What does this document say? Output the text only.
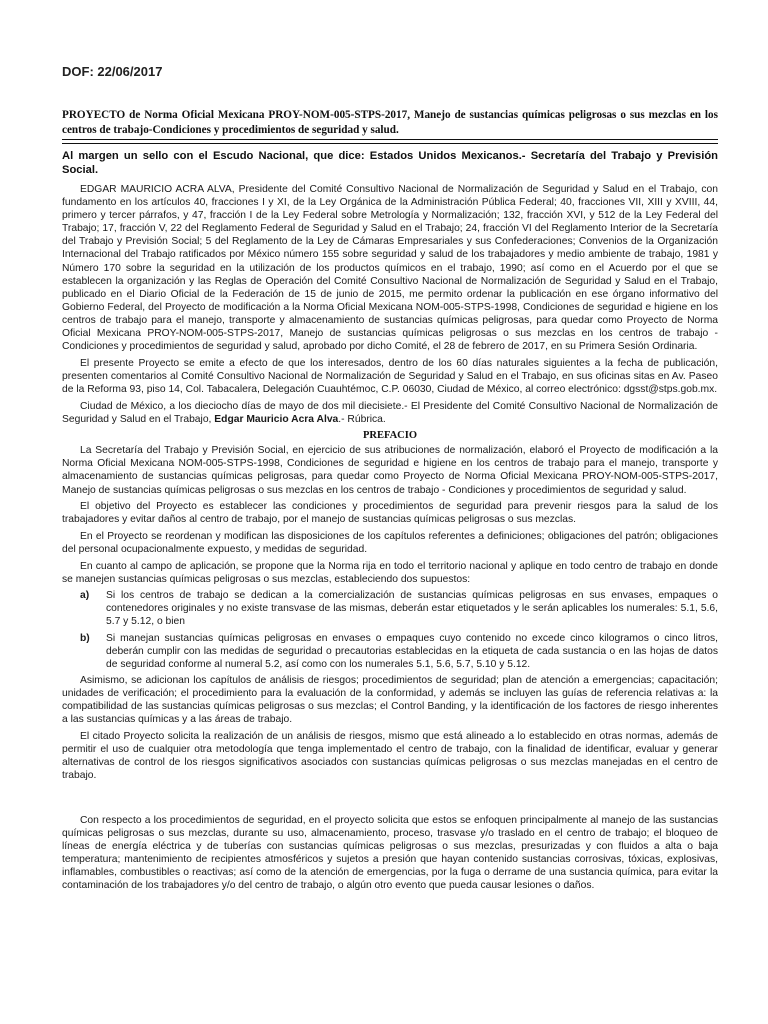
DOF: 22/06/2017
PROYECTO de Norma Oficial Mexicana PROY-NOM-005-STPS-2017, Manejo de sustancias químicas peligrosas o sus mezclas en los centros de trabajo-Condiciones y procedimientos de seguridad y salud.
Al margen un sello con el Escudo Nacional, que dice: Estados Unidos Mexicanos.- Secretaría del Trabajo y Previsión Social.

EDGAR MAURICIO ACRA ALVA, Presidente del Comité Consultivo Nacional de Normalización de Seguridad y Salud en el Trabajo, con fundamento en los artículos 40, fracciones I y XI, de la Ley Orgánica de la Administración Pública Federal; 40, fracciones VII, XIII y XVIII, 44, primero y tercer párrafos, y 47, fracción I de la Ley Federal sobre Metrología y Normalización; 132, fracción XVI, y 512 de la Ley Federal del Trabajo; 17, fracción V, 22 del Reglamento Federal de Seguridad y Salud en el Trabajo; 24, fracción VI del Reglamento Interior de la Secretaría del Trabajo y Previsión Social; 5 del Reglamento de la Ley de Cámaras Empresariales y sus Confederaciones; Convenios de la Organización Internacional del Trabajo ratificados por México número 155 sobre seguridad y salud de los trabajadores y medio ambiente de trabajo, 1981 y Número 170 sobre la seguridad en la utilización de los productos químicos en el trabajo, 1990; así como en el Acuerdo por el que se establecen la organización y las Reglas de Operación del Comité Consultivo Nacional de Normalización de Seguridad y Salud en el Trabajo, publicado en el Diario Oficial de la Federación de 15 de junio de 2015, me permito ordenar la publicación en ese órgano informativo del Gobierno Federal, del Proyecto de modificación a la Norma Oficial Mexicana NOM-005-STPS-1998, Condiciones de seguridad e higiene en los centros de trabajo para el manejo, transporte y almacenamiento de sustancias químicas peligrosas, para quedar como Proyecto de Norma Oficial Mexicana PROY-NOM-005-STPS-2017, Manejo de sustancias químicas peligrosas o sus mezclas en los centros de trabajo - Condiciones y procedimientos de seguridad y salud, aprobado por dicho Comité, el 28 de febrero de 2017, en su Primera Sesión Ordinaria.

El presente Proyecto se emite a efecto de que los interesados, dentro de los 60 días naturales siguientes a la fecha de publicación, presenten comentarios al Comité Consultivo Nacional de Normalización de Seguridad y Salud en el Trabajo, en sus oficinas sitas en Av. Paseo de la Reforma 93, piso 14, Col. Tabacalera, Delegación Cuauhtémoc, C.P. 06030, Ciudad de México, al correo electrónico: dgsst@stps.gob.mx.

Ciudad de México, a los dieciocho días de mayo de dos mil diecisiete.- El Presidente del Comité Consultivo Nacional de Normalización de Seguridad y Salud en el Trabajo, Edgar Mauricio Acra Alva.- Rúbrica.

PREFACIO

La Secretaría del Trabajo y Previsión Social, en ejercicio de sus atribuciones de normalización, elaboró el Proyecto de modificación a la Norma Oficial Mexicana NOM-005-STPS-1998, Condiciones de seguridad e higiene en los centros de trabajo para el manejo, transporte y almacenamiento de sustancias químicas peligrosas, para quedar como Proyecto de Norma Oficial Mexicana PROY-NOM-005-STPS-2017, Manejo de sustancias químicas peligrosas o sus mezclas en los centros de trabajo - Condiciones y procedimientos de seguridad y salud.

El objetivo del Proyecto es establecer las condiciones y procedimientos de seguridad para prevenir riesgos para la salud de los trabajadores y evitar daños al centro de trabajo, por el manejo de sustancias químicas peligrosas o sus mezclas.

En el Proyecto se reordenan y modifican las disposiciones de los capítulos referentes a definiciones; obligaciones del patrón; obligaciones del personal ocupacionalmente expuesto, y medidas de seguridad.

En cuanto al campo de aplicación, se propone que la Norma rija en todo el territorio nacional y aplique en todo centro de trabajo en donde se manejen sustancias químicas peligrosas o sus mezclas, estableciendo dos supuestos:

a)	Si los centros de trabajo se dedican a la comercialización de sustancias químicas peligrosas en sus envases, empaques o contenedores originales y no existe transvase de las mismas, deberán estar etiquetados y le serán aplicables los numerales: 5.1, 5.6, 5.7 y 5.12, o bien
b)	Si manejan sustancias químicas peligrosas en envases o empaques cuyo contenido no excede cinco kilogramos o cinco litros, deberán cumplir con las medidas de seguridad o precautorias establecidas en la etiqueta de cada sustancia o en las hojas de datos de seguridad conforme al numeral 5.2, así como con los numerales 5.1, 5.6, 5.7, 5.10 y 5.12.

Asimismo, se adicionan los capítulos de análisis de riesgos; procedimientos de seguridad; plan de atención a emergencias; capacitación; unidades de verificación; el procedimiento para la evaluación de la conformidad, y además se incluyen las guías de referencia relativas a: la compatibilidad de las sustancias químicas peligrosas o sus mezclas; el Control Banding, y la identificación de los factores de riesgo inherentes a las sustancias químicas y a las áreas de trabajo.

El citado Proyecto solicita la realización de un análisis de riesgos, mismo que está alineado a lo establecido en otras normas, además de permitir el uso de cualquier otra metodología que tenga implementado el centro de trabajo, con la finalidad de identificar, evaluar y generar alternativas de control de los riesgos significativos asociados con sustancias químicas peligrosas o sus mezclas manejadas en el centro de trabajo.

Con respecto a los procedimientos de seguridad, en el proyecto solicita que estos se enfoquen principalmente al manejo de las sustancias químicas peligrosas o sus mezclas, durante su uso, almacenamiento, proceso, trasvase y/o traslado en el centro de trabajo; el bloqueo de líneas de energía eléctrica y de tuberías con sustancias químicas peligrosas o sus mezclas, presurizadas y con fluidos a alta o baja temperatura; mantenimiento de recipientes atmosféricos y sujetos a presión que hayan contenido sustancias corrosivas, tóxicas, explosivas, inflamables, combustibles o reactivas; así como de la atención de emergencias, por la fuga o derrame de una sustancia química, para evitar la contaminación de los trabajadores y/o del centro de trabajo, o algún otro evento que pueda causar lesiones o daños.
